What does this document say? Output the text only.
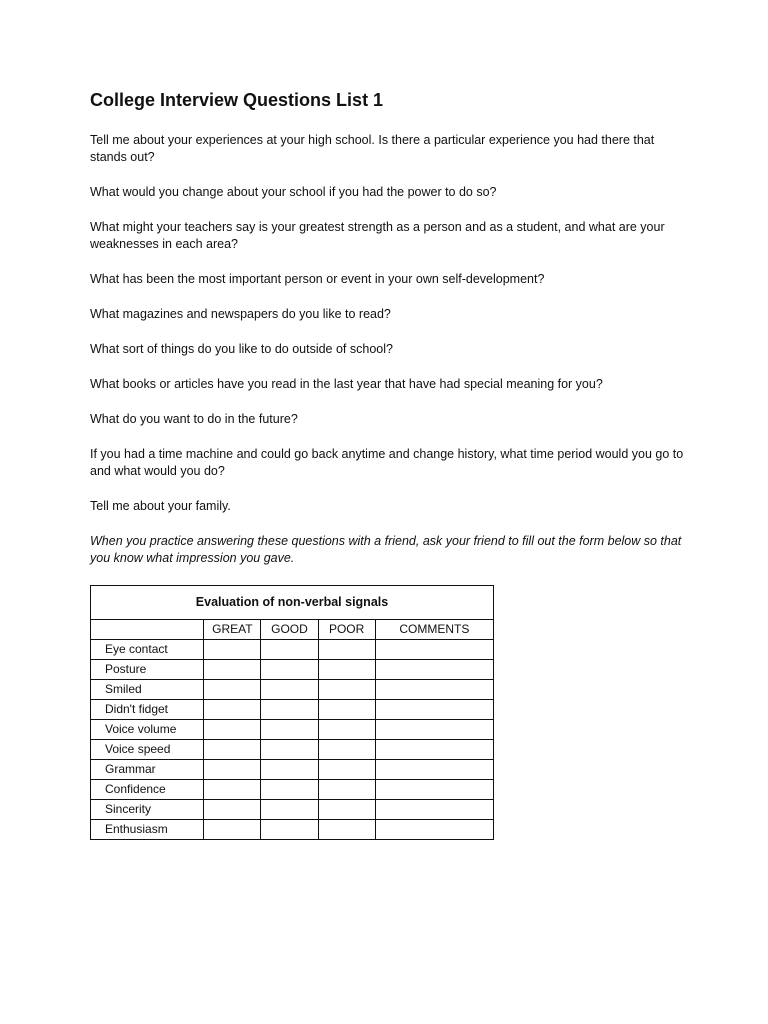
College Interview Questions List 1

Tell me about your experiences at your high school. Is there a particular experience you had there that stands out?

What would you change about your school if you had the power to do so?

What might your teachers say is your greatest strength as a person and as a student, and what are your weaknesses in each area?

What has been the most important person or event in your own self-development?

What magazines and newspapers do you like to read?

What sort of things do you like to do outside of school?

What books or articles have you read in the last year that have had special meaning for you?

What do you want to do in the future?

If you had a time machine and could go back anytime and change history, what time period would you go to and what would you do?

Tell me about your family.

When you practice answering these questions with a friend, ask your friend to fill out the form below so that you know what impression you gave.

Evaluation of non-verbal signals				
	GREAT	GOOD	POOR	COMMENTS
Eye contact				
Posture				
Smiled				
Didn't fidget				
Voice volume				
Voice speed				
Grammar				
Confidence				
Sincerity				
Enthusiasm				
